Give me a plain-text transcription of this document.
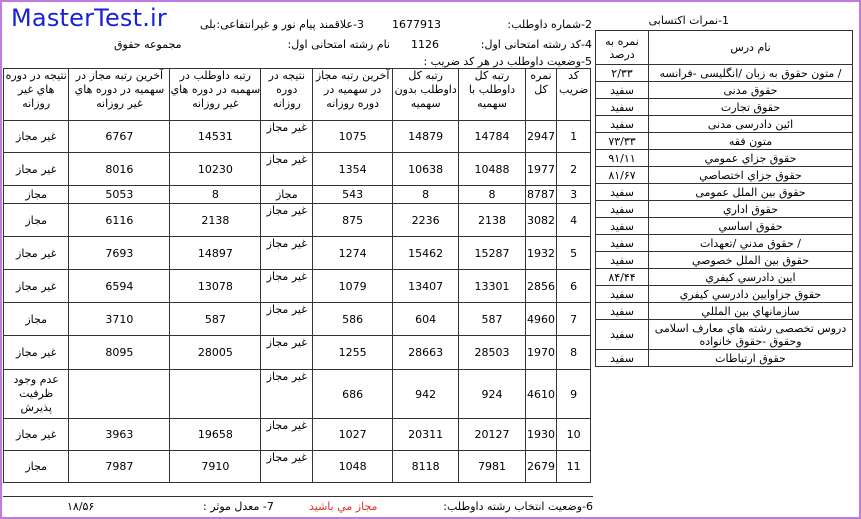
MasterTest.ir	1-نمرات اکتسابی
2-شماره داوطلب:
1677913
3-علاقمند پیام نور و غیرانتفاعی:
بلی
4-کد رشته امتحانی اول:
1126
نام رشته امتحانی اول:
مجموعه حقوق
5-وضعیت داوطلب در هر کد ضریب :
کد ضریب	نمره کل	رتبه کل داوطلب با سهمیه	رتبه کل داوطلب بدون سهمیه	آخرین رتبه مجاز در سهمیه در دوره روزانه	نتیجه در دوره روزانه	رتبه داوطلب در سهمیه در دوره هاي غیر روزانه	آخرین رتبه مجاز در سهمیه در دوره هاي غیر روزانه	نتیجه در دوره هاي غیر روزانه
1	2947	14784	14879	1075	غیر مجاز	14531	6767	غیر مجاز
2	1977	10488	10638	1354	غیر مجاز	10230	8016	غیر مجاز
3	8787	8	8	543	مجاز	8	5053	مجاز
4	3082	2138	2236	875	غیر مجاز	2138	6116	مجاز
5	1932	15287	15462	1274	غیر مجاز	14897	7693	غیر مجاز
6	2856	13301	13407	1079	غیر مجاز	13078	6594	غیر مجاز
7	4960	587	604	586	غیر مجاز	587	3710	مجاز
8	1970	28503	28663	1255	غیر مجاز	28005	8095	غیر مجاز
9	4610	924	942	686	غیر مجاز			عدم وجود ظرفیت پذیرش
10	1930	20127	20311	1027	غیر مجاز	19658	3963	غیر مجاز
11	2679	7981	8118	1048	غیر مجاز	7910	7987	مجاز
نام درس	نمره به درصد
/ متون حقوق به زبان /انگلیسی -فرانسه	۲/۳۳
حقوق مدنی	سفید
حقوق تجارت	سفید
ائین دادرسی مدنی	سفید
متون فقه	۷۳/۳۳
حقوق جزاي عمومي	۹۱/۱۱
حقوق جزاي اختصاصي	۸۱/۶۷
حقوق بین الملل عمومی	سفید
حقوق اداري	سفید
حقوق اساسي	سفید
/ حقوق مدني /تعهدات	سفید
حقوق بین الملل خصوصي	سفید
ايين دادرسي كيفري	۸۴/۴۴
حقوق جزاوايين دادرسي كيفري	سفید
سازمانهاي بين المللي	سفید
دروس تخصصی رشته هاي معارف اسلامی وحقوق -حقوق خانواده	سفید
حقوق ارتباطات	سفید
6-وضعیت انتخاب رشته داوطلب:
مجاز مي باشيد
7- معدل موثر :
۱۸/۵۶
